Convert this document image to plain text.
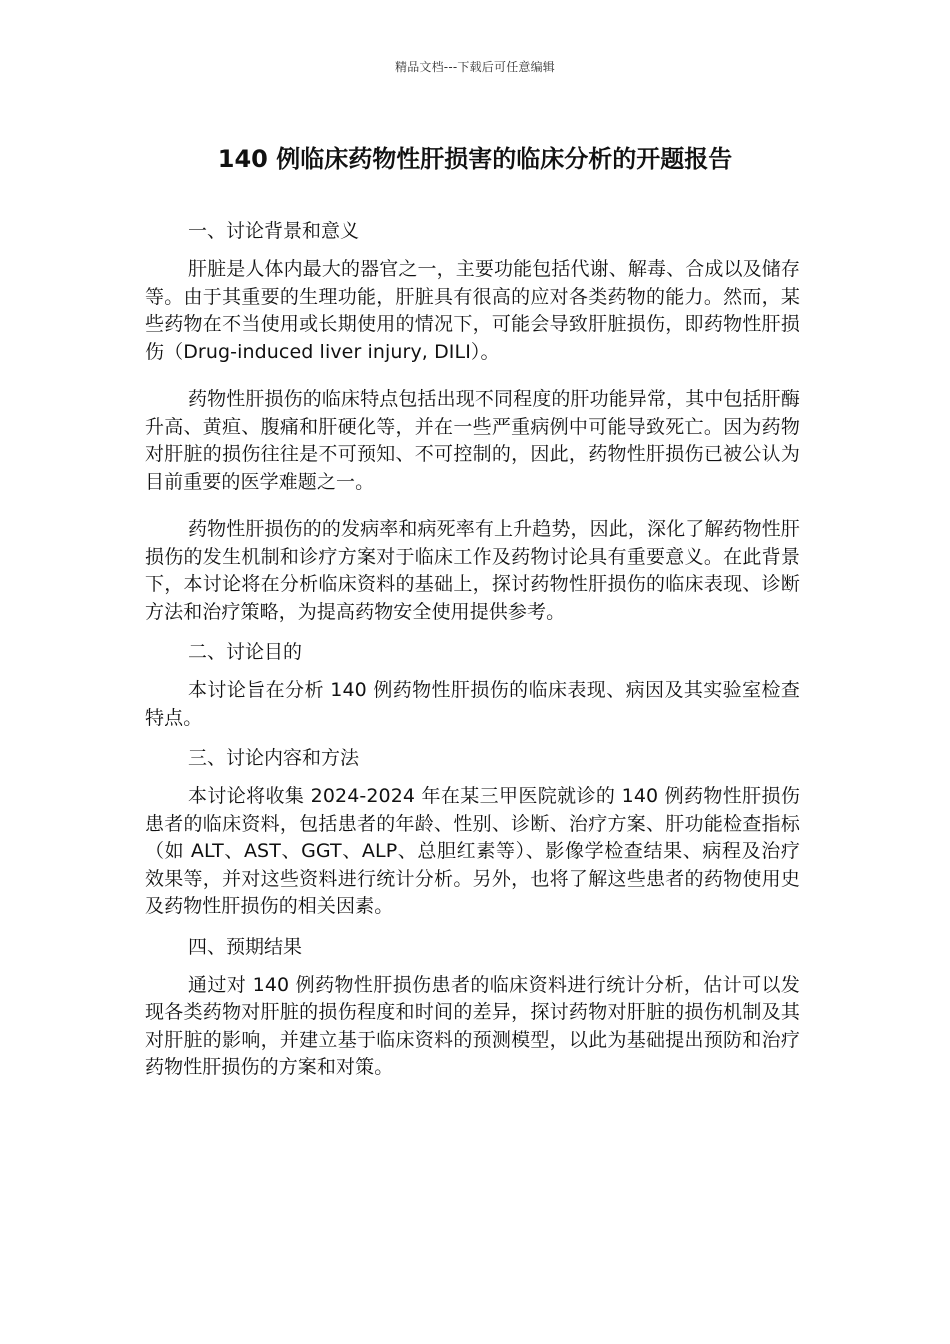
精品文档---下载后可任意编辑
140 例临床药物性肝损害的临床分析的开题报告

一、讨论背景和意义

肝脏是人体内最大的器官之一，主要功能包括代谢、解毒、合成以及储存等。由于其重要的生理功能，肝脏具有很高的应对各类药物的能力。然而，某些药物在不当使用或长期使用的情况下，可能会导致肝脏损伤，即药物性肝损伤（Drug-induced liver injury, DILI）。

药物性肝损伤的临床特点包括出现不同程度的肝功能异常，其中包括肝酶升高、黄疸、腹痛和肝硬化等，并在一些严重病例中可能导致死亡。因为药物对肝脏的损伤往往是不可预知、不可控制的，因此，药物性肝损伤已被公认为目前重要的医学难题之一。

药物性肝损伤的的发病率和病死率有上升趋势，因此，深化了解药物性肝损伤的发生机制和诊疗方案对于临床工作及药物讨论具有重要意义。在此背景下，本讨论将在分析临床资料的基础上，探讨药物性肝损伤的临床表现、诊断方法和治疗策略，为提高药物安全使用提供参考。

二、讨论目的

本讨论旨在分析 140 例药物性肝损伤的临床表现、病因及其实验室检查特点。

三、讨论内容和方法

本讨论将收集 2024-2024 年在某三甲医院就诊的 140 例药物性肝损伤患者的临床资料，包括患者的年龄、性别、诊断、治疗方案、肝功能检查指标（如 ALT、AST、GGT、ALP、总胆红素等）、影像学检查结果、病程及治疗效果等，并对这些资料进行统计分析。另外，也将了解这些患者的药物使用史及药物性肝损伤的相关因素。

四、预期结果

通过对 140 例药物性肝损伤患者的临床资料进行统计分析，估计可以发现各类药物对肝脏的损伤程度和时间的差异，探讨药物对肝脏的损伤机制及其对肝脏的影响，并建立基于临床资料的预测模型，以此为基础提出预防和治疗药物性肝损伤的方案和对策。
